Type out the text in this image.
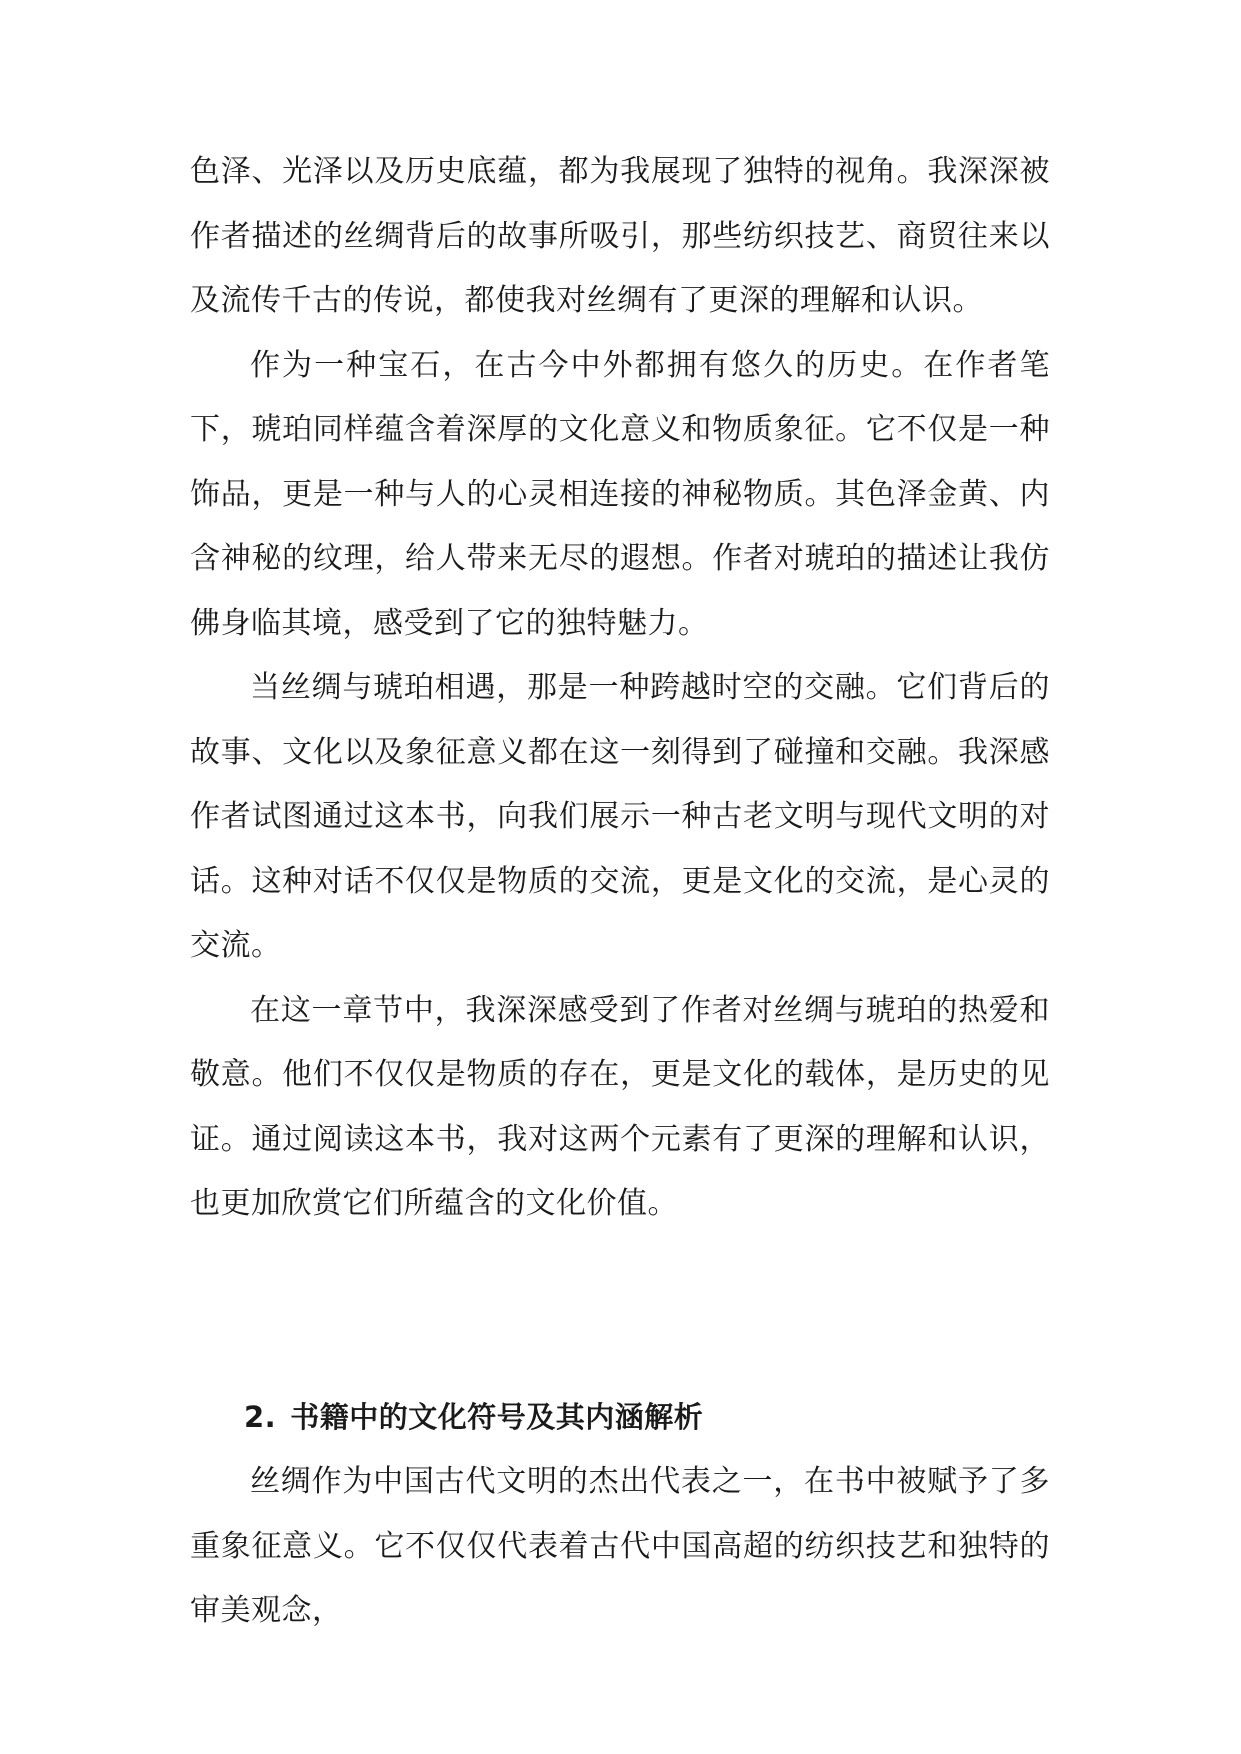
色泽、光泽以及历史底蕴，都为我展现了独特的视角。我深深被作者描述的丝绸背后的故事所吸引，那些纺织技艺、商贸往来以及流传千古的传说，都使我对丝绸有了更深的理解和认识。

作为一种宝石，在古今中外都拥有悠久的历史。在作者笔下，琥珀同样蕴含着深厚的文化意义和物质象征。它不仅是一种饰品，更是一种与人的心灵相连接的神秘物质。其色泽金黄、内含神秘的纹理，给人带来无尽的遐想。作者对琥珀的描述让我仿佛身临其境，感受到了它的独特魅力。

当丝绸与琥珀相遇，那是一种跨越时空的交融。它们背后的故事、文化以及象征意义都在这一刻得到了碰撞和交融。我深感作者试图通过这本书，向我们展示一种古老文明与现代文明的对话。这种对话不仅仅是物质的交流，更是文化的交流，是心灵的交流。

在这一章节中，我深深感受到了作者对丝绸与琥珀的热爱和敬意。他们不仅仅是物质的存在，更是文化的载体，是历史的见证。通过阅读这本书，我对这两个元素有了更深的理解和认识，也更加欣赏它们所蕴含的文化价值。

2. 书籍中的文化符号及其内涵解析

丝绸作为中国古代文明的杰出代表之一，在书中被赋予了多重象征意义。它不仅仅代表着古代中国高超的纺织技艺和独特的审美观念，
